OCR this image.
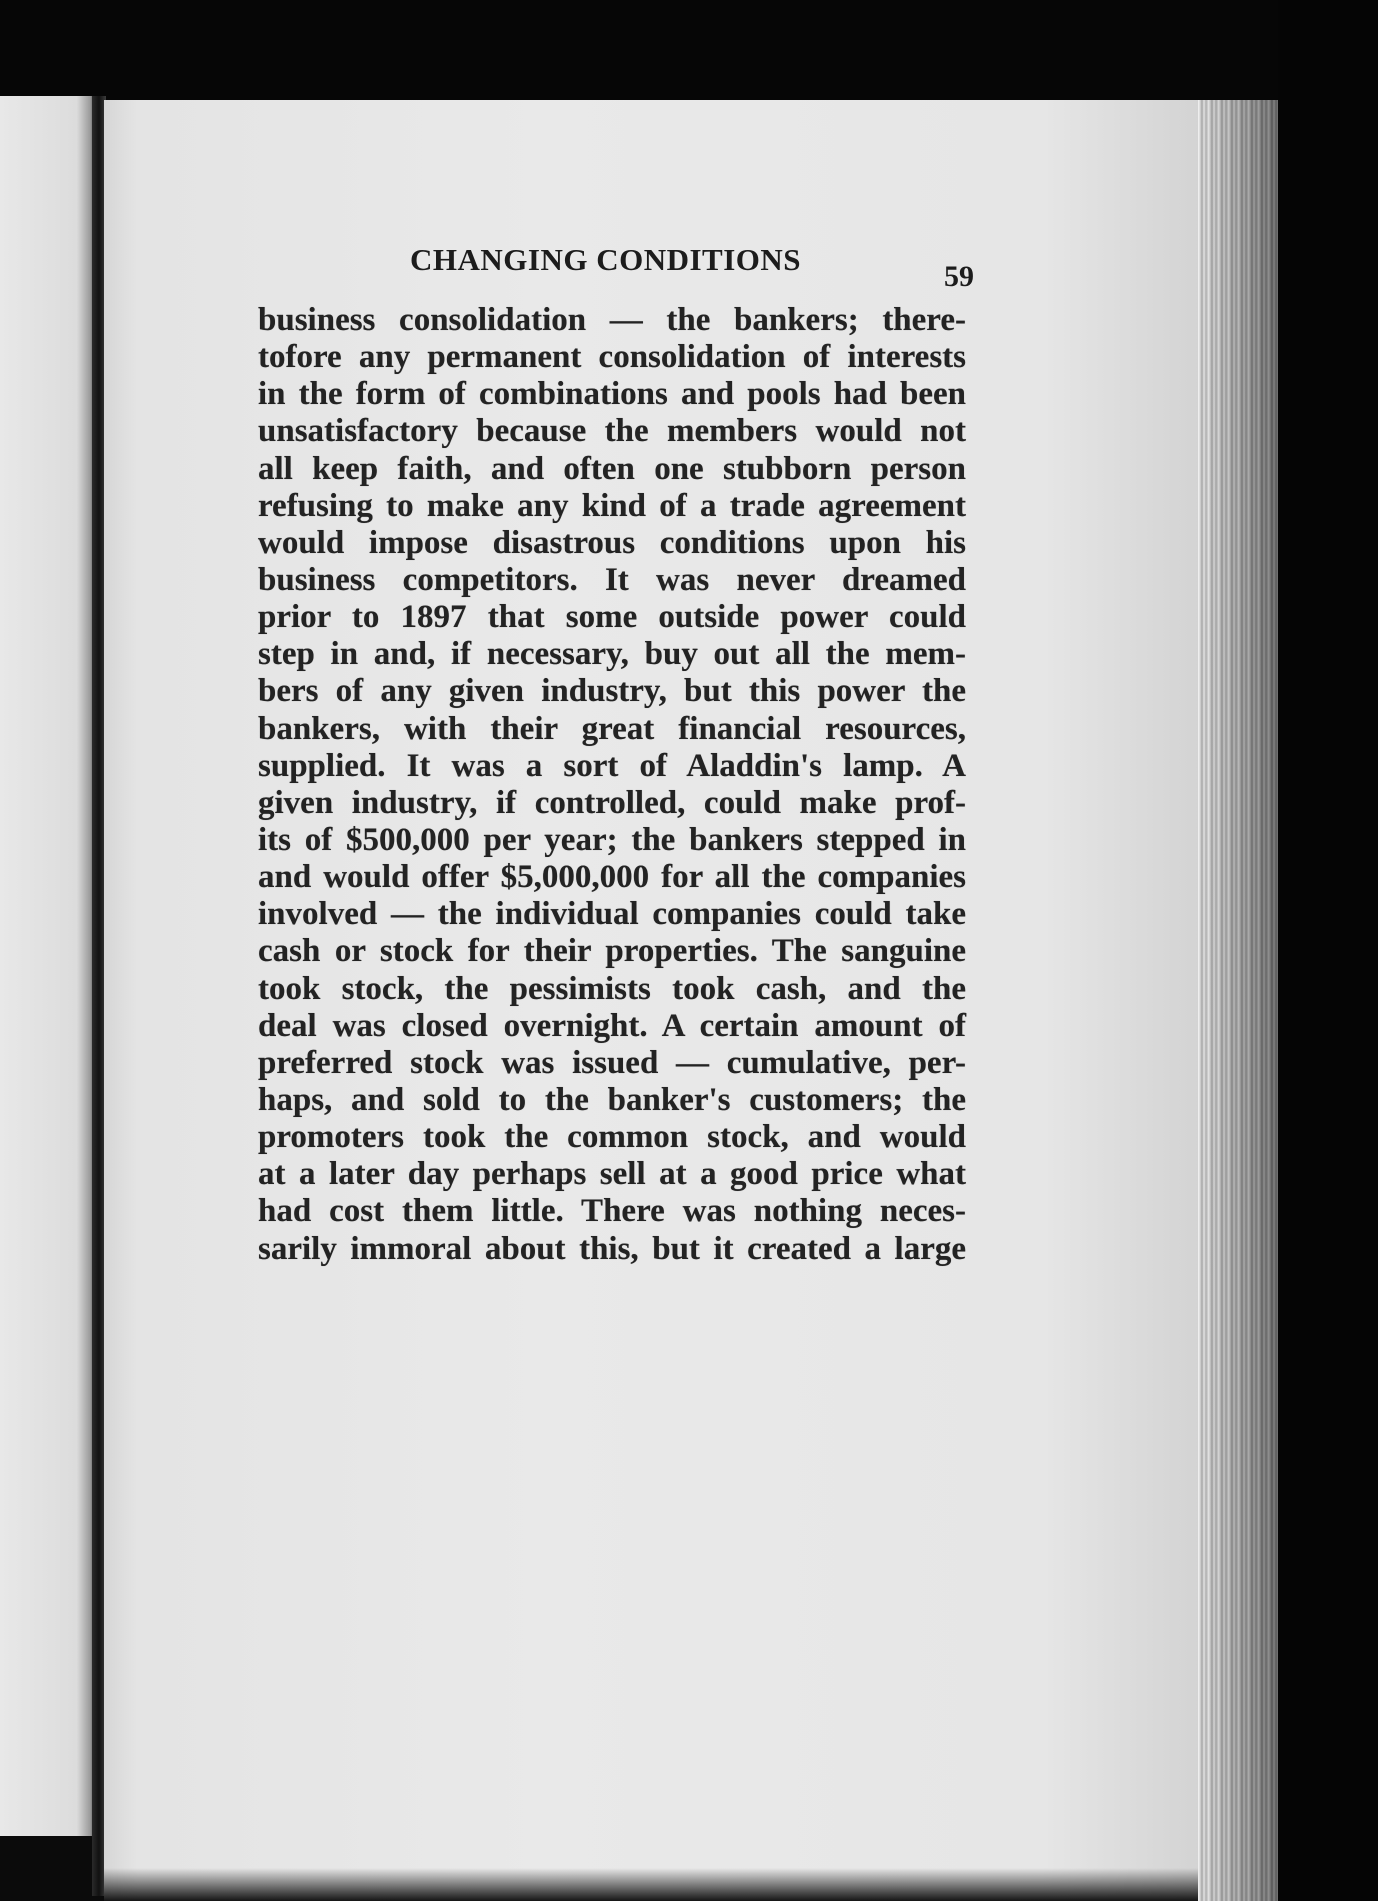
CHANGING CONDITIONS	59
business consolidation — the bankers; there-
tofore any permanent consolidation of interests
in the form of combinations and pools had been
unsatisfactory because the members would not
all keep faith, and often one stubborn person
refusing to make any kind of a trade agreement
would impose disastrous conditions upon his
business competitors. It was never dreamed
prior to 1897 that some outside power could
step in and, if necessary, buy out all the mem-
bers of any given industry, but this power the
bankers, with their great financial resources,
supplied. It was a sort of Aladdin's lamp. A
given industry, if controlled, could make prof-
its of $500,000 per year; the bankers stepped in
and would offer $5,000,000 for all the companies
involved — the individual companies could take
cash or stock for their properties. The sanguine
took stock, the pessimists took cash, and the
deal was closed overnight. A certain amount of
preferred stock was issued — cumulative, per-
haps, and sold to the banker's customers; the
promoters took the common stock, and would
at a later day perhaps sell at a good price what
had cost them little. There was nothing neces-
sarily immoral about this, but it created a large
